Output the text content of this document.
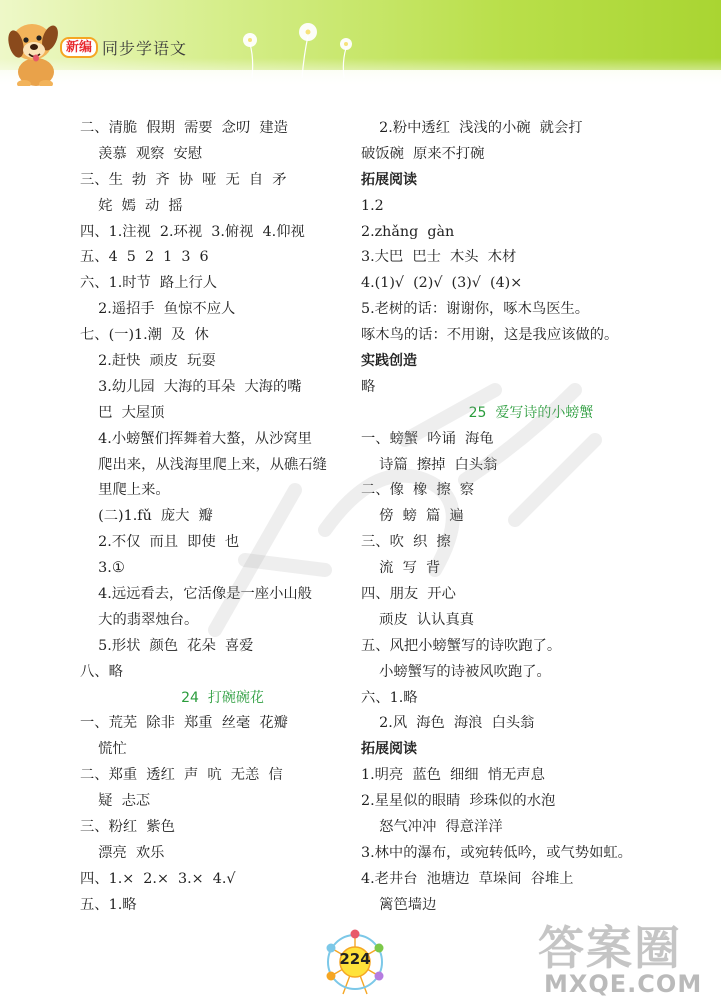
新编 同步学语文
二、清脆  假期  需要  念叨  建造
羡慕  观察  安慰
三、生  勃  齐  协  哑  无  自  矛
姹  嫣  动  摇
四、1.注视  2.环视  3.俯视  4.仰视
五、4  5  2  1  3  6
六、1.时节  路上行人
2.遥招手  鱼惊不应人
七、(一)1.潮  及  休
2.赶快  顽皮  玩耍
3.幼儿园  大海的耳朵  大海的嘴
巴  大屋顶
4.小螃蟹们挥舞着大螯，从沙窝里
爬出来，从浅海里爬上来，从礁石缝
里爬上来。
(二)1.fǔ  庞大  瓣
2.不仅  而且  即使  也
3.①
4.远远看去，它活像是一座小山般
大的翡翠烛台。
5.形状  颜色  花朵  喜爱
八、略
24  打碗碗花
一、荒芜  除非  郑重  丝毫  花瓣
慌忙
二、郑重  透红  声  吭  无恙  信
疑  忐忑
三、粉红  紫色
漂亮  欢乐
四、1.×  2.×  3.×  4.√
五、1.略
2.粉中透红  浅浅的小碗  就会打
破饭碗  原来不打碗
拓展阅读
1.2
2.zhǎng  gàn
3.大巴  巴士  木头  木材
4.(1)√  (2)√  (3)√  (4)×
5.老树的话：谢谢你，啄木鸟医生。
啄木鸟的话：不用谢，这是我应该做的。
实践创造
略
25  爱写诗的小螃蟹
一、螃蟹  吟诵  海龟
诗篇  擦掉  白头翁
二、像  橡  擦  察
傍  螃  篇  遍
三、吹  织  擦
流  写  背
四、朋友  开心
顽皮  认认真真
五、风把小螃蟹写的诗吹跑了。
小螃蟹写的诗被风吹跑了。
六、1.略
2.风  海色  海浪  白头翁
拓展阅读
1.明亮  蓝色  细细  悄无声息
2.星星似的眼睛  珍珠似的水泡
怒气冲冲  得意洋洋
3.林中的瀑布，或宛转低吟，或气势如虹。
4.老井台  池塘边  草垛间  谷堆上
篱笆墙边
224	答案圈
MXQE.COM
